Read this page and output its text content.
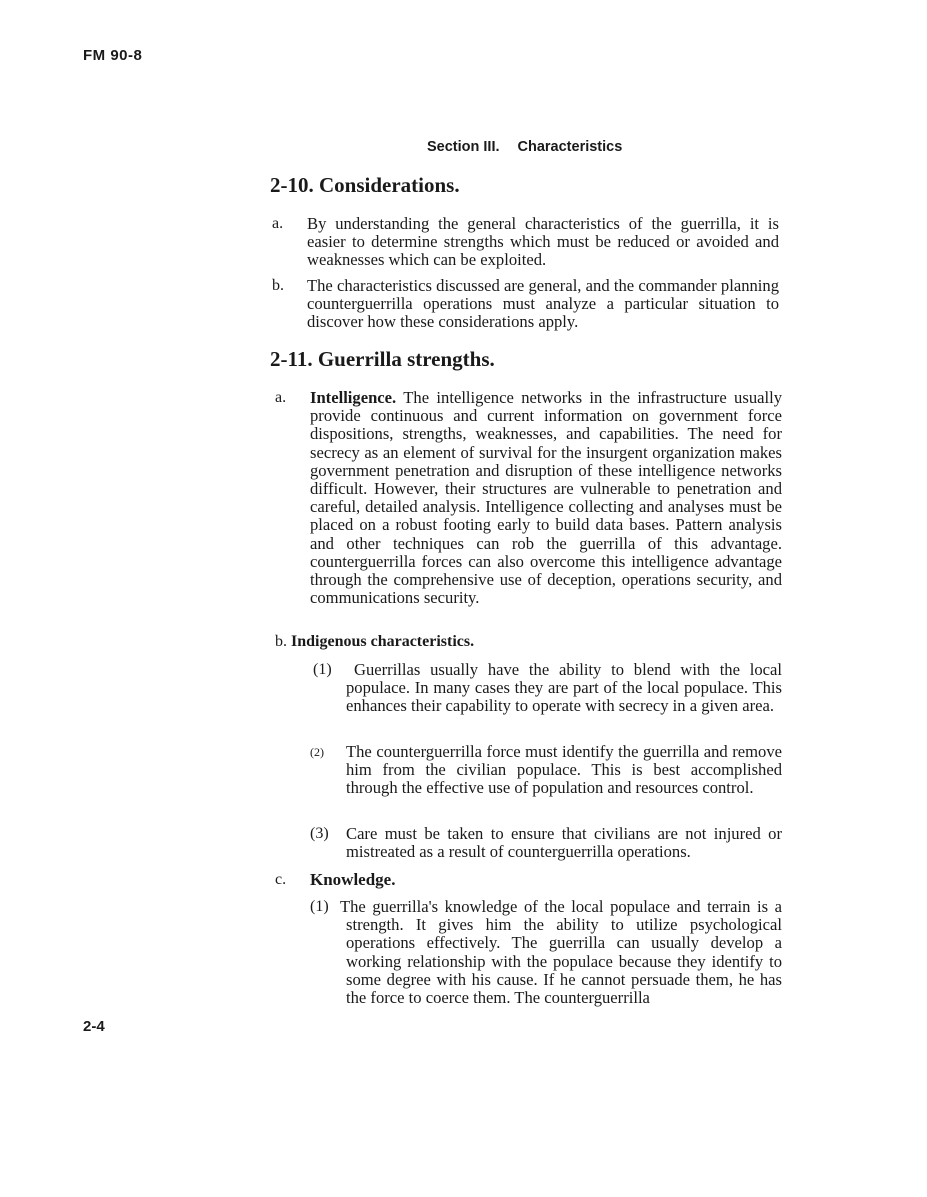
FM 90-8
Section III. Characteristics
2-10. Considerations.
a. By understanding the general characteristics of the guerrilla, it is easier to determine strengths which must be reduced or avoided and weaknesses which can be exploited.
b. The characteristics discussed are general, and the commander planning counterguerrilla operations must analyze a particular situation to discover how these considerations apply.
2-11. Guerrilla strengths.
a. Intelligence. The intelligence networks in the infrastructure usually provide continuous and current information on government force dispositions, strengths, weaknesses, and capabilities. The need for secrecy as an element of survival for the insurgent organization makes government penetration and disruption of these intelligence networks difficult. However, their structures are vulnerable to penetration and careful, detailed analysis. Intelligence collecting and analyses must be placed on a robust footing early to build data bases. Pattern analysis and other techniques can rob the guerrilla of this advantage. counterguerrilla forces can also overcome this intelligence advantage through the comprehensive use of deception, operations security, and communications security.
b. Indigenous characteristics.
(1)	Guerrillas usually have the ability to blend with the local populace. In many cases they are part of the local populace. This enhances their capability to operate with secrecy in a given area.
(2) The counterguerrilla force must identify the guerrilla and remove him from the civilian populace. This is best accomplished through the effective use of population and resources control.
(3) Care must be taken to ensure that civilians are not injured or mistreated as a result of counterguerrilla operations.
c. Knowledge.
(1) The guerrilla's knowledge of the local populace and terrain is a strength. It gives him the ability to utilize psychological operations effectively. The guerrilla can usually develop a working relationship with the populace because they identify to some degree with his cause. If he cannot persuade them, he has the force to coerce them. The counterguerrilla
2-4
